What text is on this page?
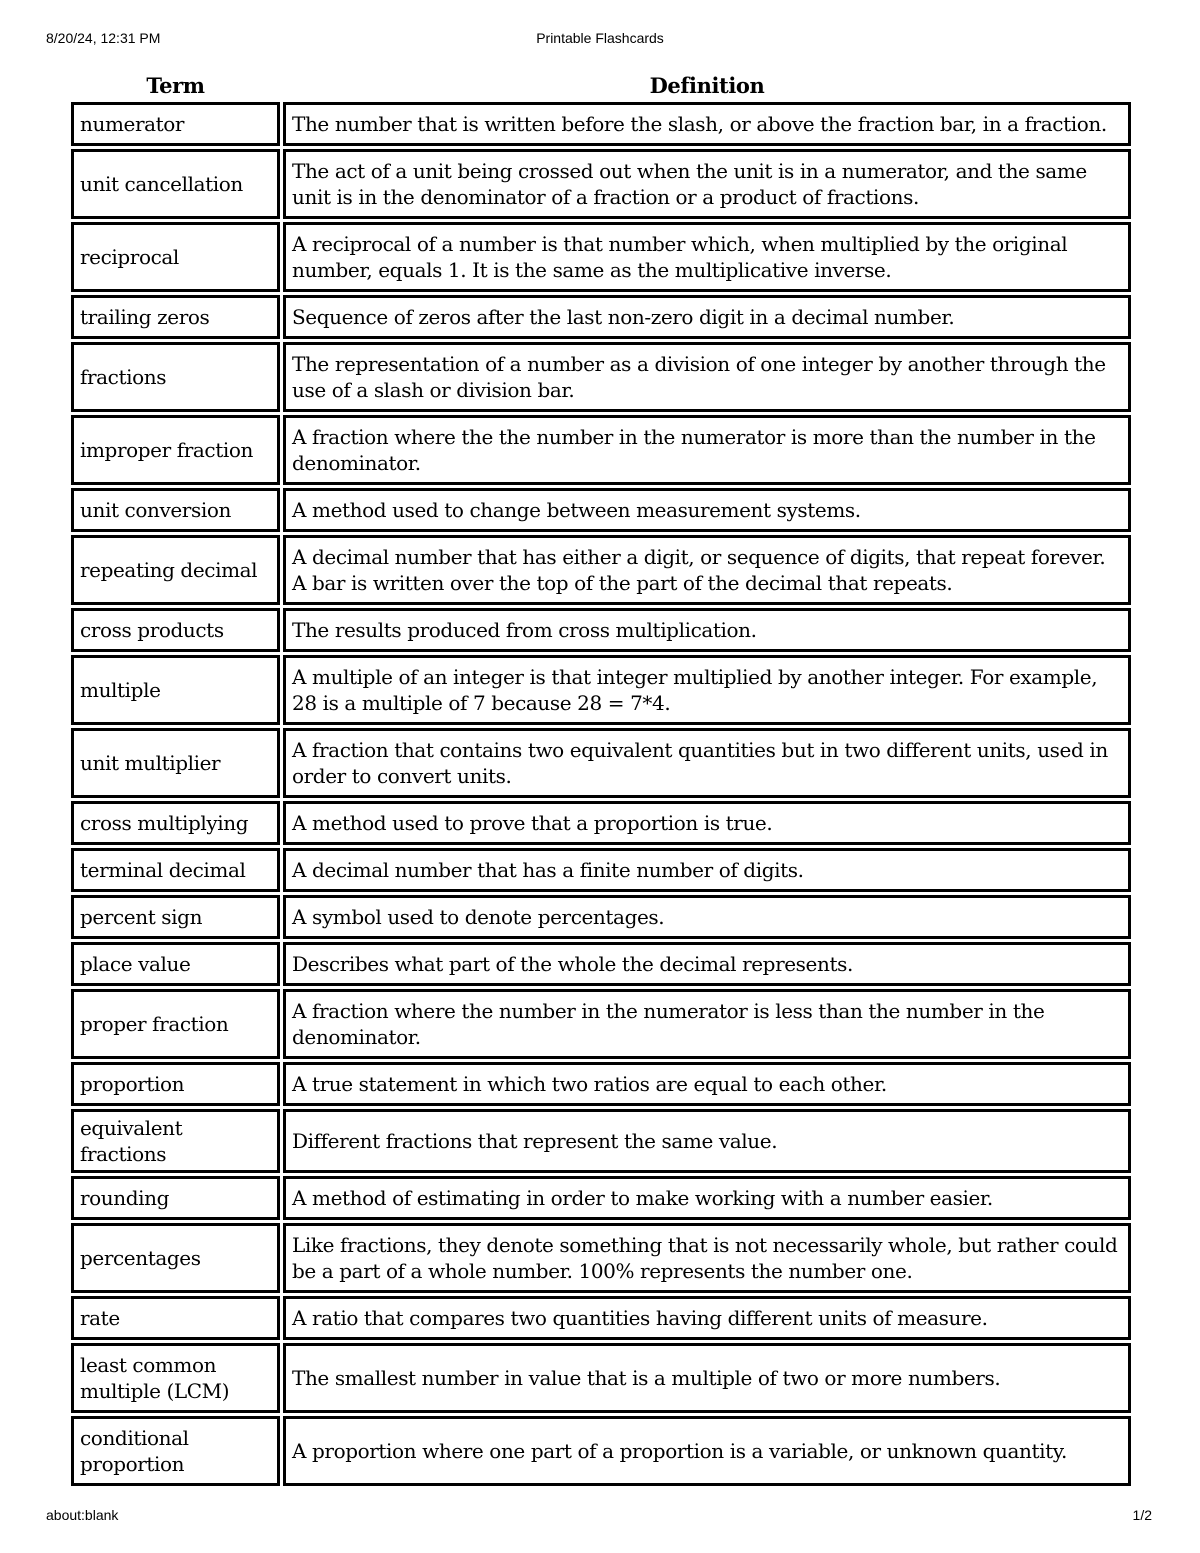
8/20/24, 12:31 PM	Printable Flashcards
Term	Definition
numerator	The number that is written before the slash, or above the fraction bar, in a fraction.
unit cancellation	The act of a unit being crossed out when the unit is in a numerator, and the same unit is in the denominator of a fraction or a product of fractions.
reciprocal	A reciprocal of a number is that number which, when multiplied by the original number, equals 1. It is the same as the multiplicative inverse.
trailing zeros	Sequence of zeros after the last non-zero digit in a decimal number.
fractions	The representation of a number as a division of one integer by another through the use of a slash or division bar.
improper fraction	A fraction where the the number in the numerator is more than the number in the denominator.
unit conversion	A method used to change between measurement systems.
repeating decimal	A decimal number that has either a digit, or sequence of digits, that repeat forever. A bar is written over the top of the part of the decimal that repeats.
cross products	The results produced from cross multiplication.
multiple	A multiple of an integer is that integer multiplied by another integer. For example, 28 is a multiple of 7 because 28 = 7*4.
unit multiplier	A fraction that contains two equivalent quantities but in two different units, used in order to convert units.
cross multiplying	A method used to prove that a proportion is true.
terminal decimal	A decimal number that has a finite number of digits.
percent sign	A symbol used to denote percentages.
place value	Describes what part of the whole the decimal represents.
proper fraction	A fraction where the number in the numerator is less than the number in the denominator.
proportion	A true statement in which two ratios are equal to each other.
equivalent fractions	Different fractions that represent the same value.
rounding	A method of estimating in order to make working with a number easier.
percentages	Like fractions, they denote something that is not necessarily whole, but rather could be a part of a whole number. 100% represents the number one.
rate	A ratio that compares two quantities having different units of measure.
least common multiple (LCM)	The smallest number in value that is a multiple of two or more numbers.
conditional proportion	A proportion where one part of a proportion is a variable, or unknown quantity.
about:blank	1/2
